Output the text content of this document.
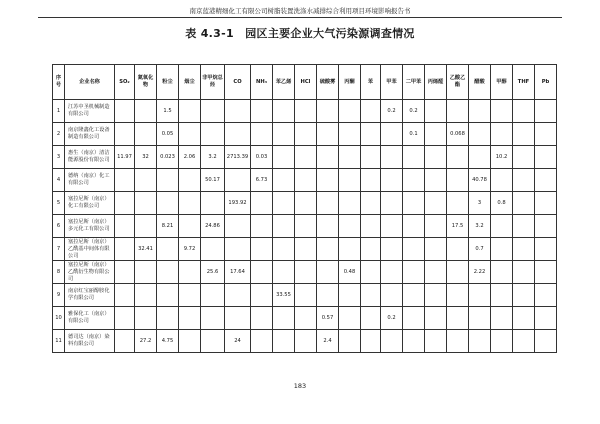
南京蓝港精细化工有限公司树脂装置洗涤水减排综合利用项目环境影响报告书
表 4.3-1　园区主要企业大气污染源调查情况
序号	企业名称	SO₂	氮氧化物	粉尘	烟尘	非甲烷总烃	CO	NH₃	苯乙烯	HCl	硫酸雾	丙酮	苯	甲苯	二甲苯	丙烯醛	乙酸乙酯	醋酸	甲醇	THF	Pb
1	江苏中圣机械制造有限公司			1.5										0.2	0.2						
2	南京隆鑫化工设备制造有限公司			0.05											0.1		0.068				
3	惠生（南京）清洁能源股份有限公司	11.97	32	0.023	2.06	3.2	2713.39	0.03											10.2		
4	德纳（南京）化工有限公司					50.17		6.73										40.78			
5	塞拉尼斯（南京）化工有限公司						193.92											3	0.8		
6	塞拉尼斯（南京）多元化工有限公司			8.21		24.86											17.5	3.2			
7	塞拉尼斯（南京）乙酰基中间体有限公司		32.41		9.72													0.7			
8	塞拉尼斯（南京）乙酰衍生物有限公司					25.6	17.64					0.48						2.22			
9	南京红宝丽醇胺化学有限公司								33.55												
10	雅保化工（南京）有限公司										0.57			0.2							
11	德司达（南京）染料有限公司		27.2	4.75			24				2.4										
183
